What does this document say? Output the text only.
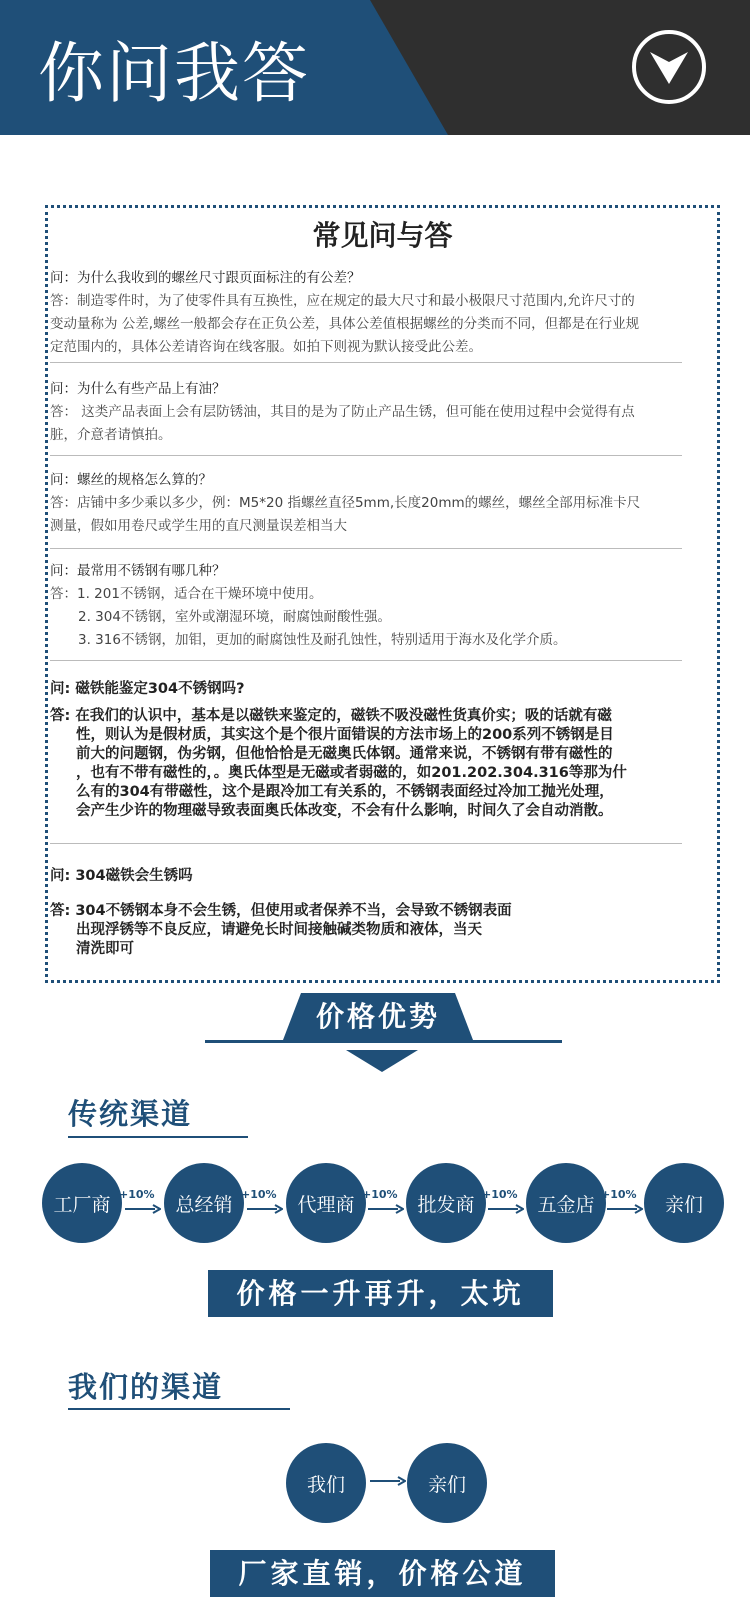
你问我答
常见问与答
问：为什么我收到的螺丝尺寸跟页面标注的有公差？
答：制造零件时，为了使零件具有互换性，应在规定的最大尺寸和最小极限尺寸范围内,允许尺寸的
变动量称为 公差,螺丝一般都会存在正负公差，具体公差值根据螺丝的分类而不同，但都是在行业规
定范围内的，具体公差请咨询在线客服。如拍下则视为默认接受此公差。
问：为什么有些产品上有油？
答： 这类产品表面上会有层防锈油，其目的是为了防止产品生锈，但可能在使用过程中会觉得有点
脏，介意者请慎拍。
问：螺丝的规格怎么算的？
答：店铺中多少乘以多少，例：M5*20 指螺丝直径5mm,长度20mm的螺丝，螺丝全部用标准卡尺
测量，假如用卷尺或学生用的直尺测量误差相当大
问：最常用不锈钢有哪几种？
答：1. 201不锈钢，适合在干燥环境中使用。
2. 304不锈钢，室外或潮湿环境，耐腐蚀耐酸性强。
3. 316不锈钢，加钼，更加的耐腐蚀性及耐孔蚀性，特别适用于海水及化学介质。
问: 磁铁能鉴定304不锈钢吗?
答: 在我们的认识中，基本是以磁铁来鉴定的，磁铁不吸没磁性货真价实；吸的话就有磁
性，则认为是假材质，其实这个是个很片面错误的方法市场上的200系列不锈钢是目
前大的问题钢，伪劣钢，但他恰恰是无磁奥氏体钢。通常来说，不锈钢有带有磁性的
，也有不带有磁性的，。奥氏体型是无磁或者弱磁的，如201.202.304.316等那为什
么有的304有带磁性，这个是跟冷加工有关系的，不锈钢表面经过冷加工抛光处理，
会产生少许的物理磁导致表面奥氏体改变，不会有什么影响，时间久了会自动消散。
问: 304磁铁会生锈吗
答: 304不锈钢本身不会生锈，但使用或者保养不当，会导致不锈钢表面
出现浮锈等不良反应，请避免长时间接触碱类物质和液体，当天
清洗即可
价格优势
传统渠道
工厂商	总经销	代理商	批发商	五金店	亲们
+10%	+10%	+10%	+10%	+10%
价格一升再升，太坑
我们的渠道
我们	亲们
厂家直销，价格公道
